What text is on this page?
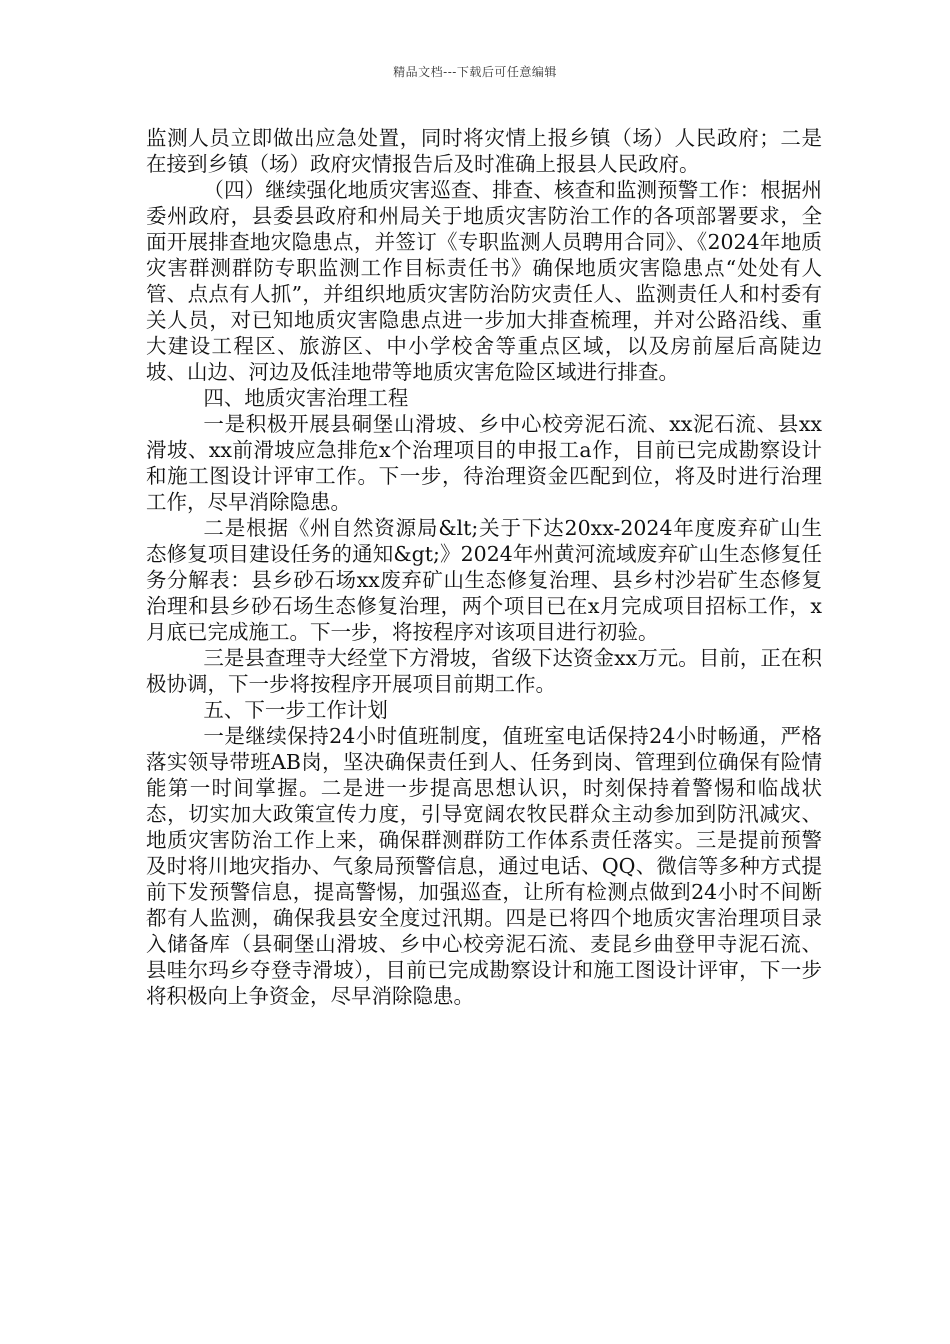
精品文档---下载后可任意编辑

监测人员立即做出应急处置，同时将灾情上报乡镇（场）人民政府；二是在接到乡镇（场）政府灾情报告后及时准确上报县人民政府。

（四）继续强化地质灾害巡查、排查、核查和监测预警工作：根据州委州政府，县委县政府和州局关于地质灾害防治工作的各项部署要求，全面开展排查地灾隐患点，并签订《专职监测人员聘用合同》、《2024年地质灾害群测群防专职监测工作目标责任书》确保地质灾害隐患点“处处有人管、点点有人抓”，并组织地质灾害防治防灾责任人、监测责任人和村委有关人员，对已知地质灾害隐患点进一步加大排查梳理，并对公路沿线、重大建设工程区、旅游区、中小学校舍等重点区域，以及房前屋后高陡边坡、山边、河边及低洼地带等地质灾害危险区域进行排查。

四、地质灾害治理工程

一是积极开展县硐堡山滑坡、乡中心校旁泥石流、xx泥石流、县xx滑坡、xx前滑坡应急排危x个治理项目的申报工a作，目前已完成勘察设计和施工图设计评审工作。下一步，待治理资金匹配到位，将及时进行治理工作，尽早消除隐患。

二是根据《州自然资源局&lt;关于下达20xx-2024年度废弃矿山生态修复项目建设任务的通知&gt;》2024年州黄河流域废弃矿山生态修复任务分解表：县乡砂石场xx废弃矿山生态修复治理、县乡村沙岩矿生态修复治理和县乡砂石场生态修复治理，两个项目已在x月完成项目招标工作，x月底已完成施工。下一步，将按程序对该项目进行初验。

三是县查理寺大经堂下方滑坡，省级下达资金xx万元。目前，正在积极协调，下一步将按程序开展项目前期工作。

五、下一步工作计划

一是继续保持24小时值班制度，值班室电话保持24小时畅通，严格落实领导带班AB岗，坚决确保责任到人、任务到岗、管理到位确保有险情能第一时间掌握。二是进一步提高思想认识，时刻保持着警惕和临战状态，切实加大政策宣传力度，引导宽阔农牧民群众主动参加到防汛减灾、地质灾害防治工作上来，确保群测群防工作体系责任落实。三是提前预警及时将川地灾指办、气象局预警信息，通过电话、QQ、微信等多种方式提前下发预警信息，提高警惕，加强巡查，让所有检测点做到24小时不间断都有人监测，确保我县安全度过汛期。四是已将四个地质灾害治理项目录入储备库（县硐堡山滑坡、乡中心校旁泥石流、麦昆乡曲登甲寺泥石流、县哇尔玛乡夺登寺滑坡），目前已完成勘察设计和施工图设计评审，下一步将积极向上争资金，尽早消除隐患。
